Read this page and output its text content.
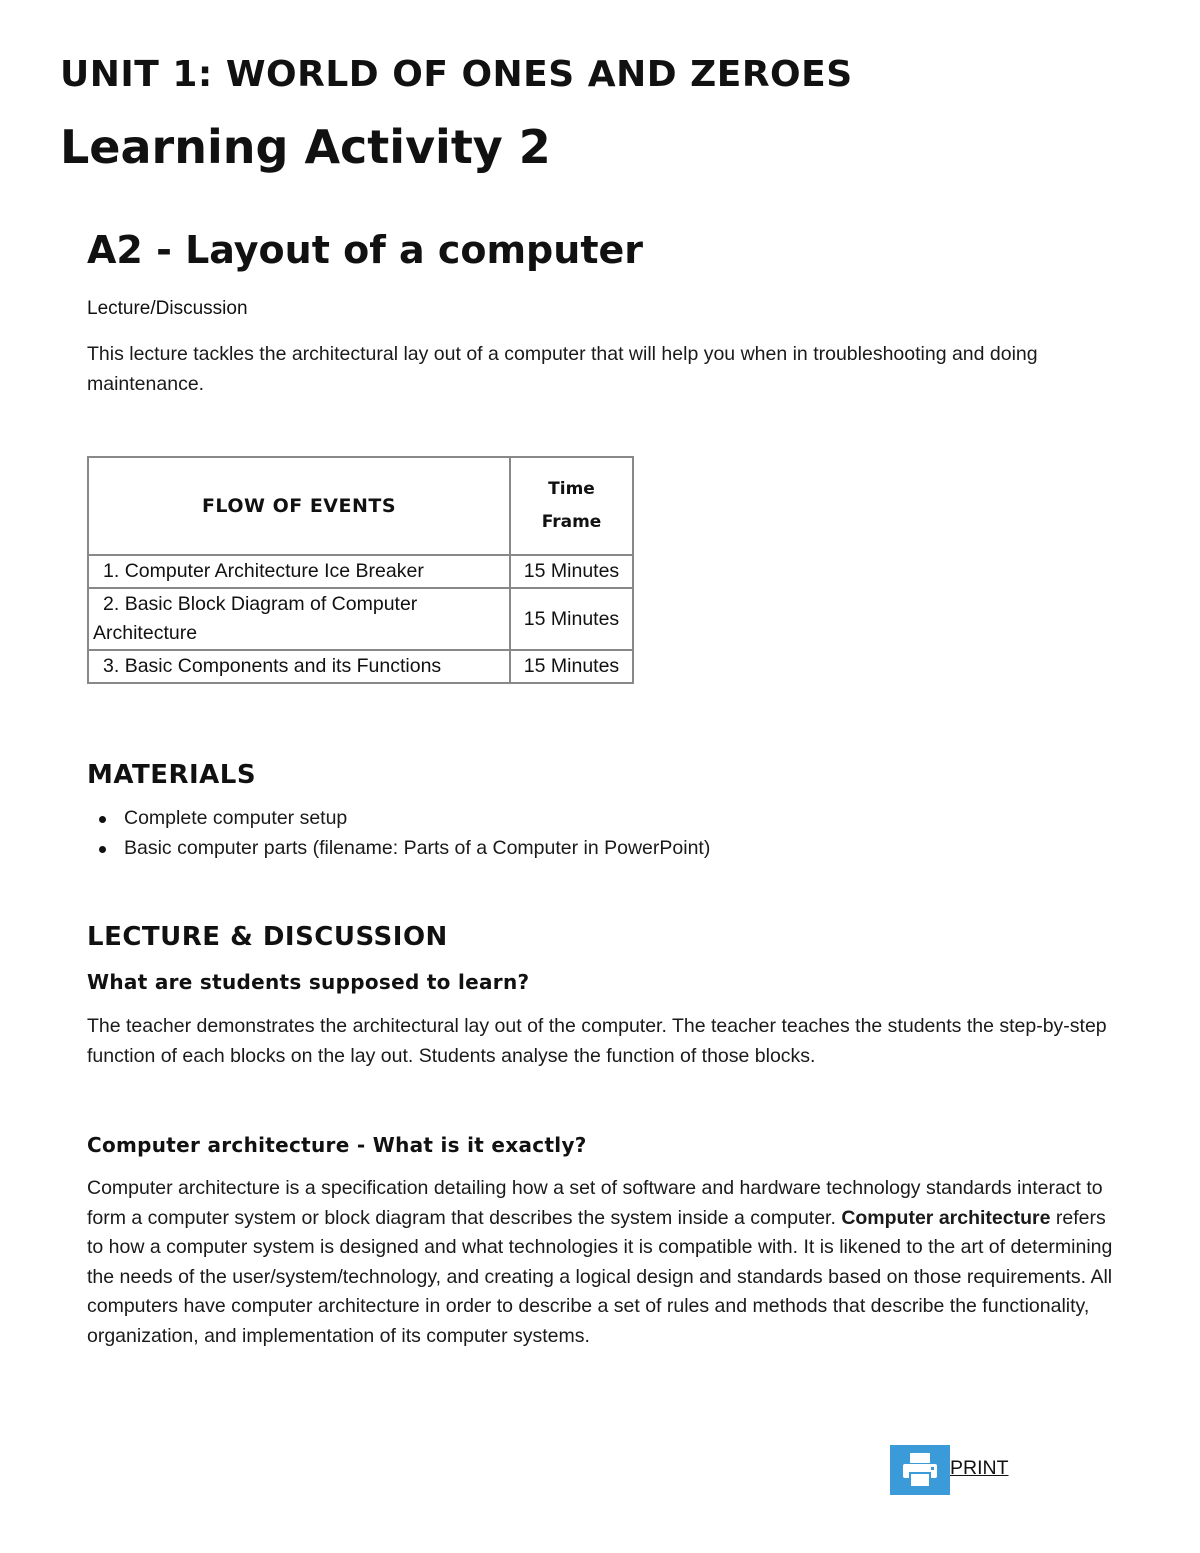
UNIT 1: WORLD OF ONES AND ZEROES
Learning Activity 2
A2 - Layout of a computer

Lecture/Discussion

This lecture tackles the architectural lay out of a computer that will help you when in troubleshooting and doing maintenance.

FLOW OF EVENTS	Time
Frame
1. Computer Architecture Ice Breaker	15 Minutes
2. Basic Block Diagram of Computer
Architecture	15 Minutes
3. Basic Components and its Functions	15 Minutes
MATERIALS
Complete computer setup
Basic computer parts (filename: Parts of a Computer in PowerPoint)
LECTURE & DISCUSSION
What are students supposed to learn?

The teacher demonstrates the architectural lay out of the computer. The teacher teaches the students the step-by-step function of each blocks on the lay out. Students analyse the function of those blocks.

Computer architecture - What is it exactly?

Computer architecture is a specification detailing how a set of software and hardware technology standards interact to form a computer system or block diagram that describes the system inside a computer. Computer architecture refers to how a computer system is designed and what technologies it is compatible with. It is likened to the art of determining the needs of the user/system/technology, and creating a logical design and standards based on those requirements. All computers have computer architecture in order to describe a set of rules and methods that describe the functionality, organization, and implementation of its computer systems.

PRINT
